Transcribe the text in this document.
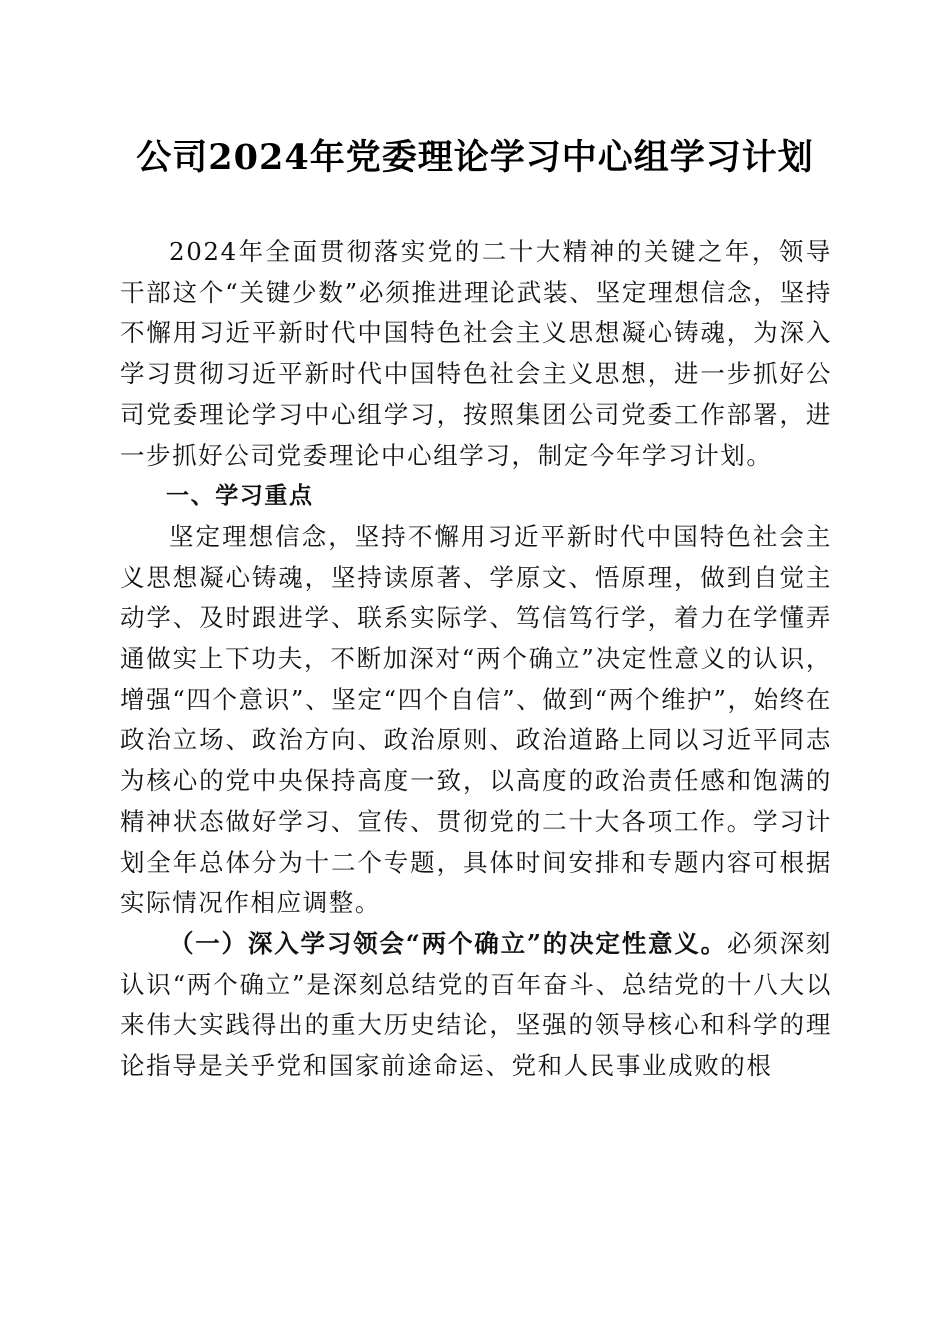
公司2024年党委理论学习中心组学习计划

2024年全面贯彻落实党的二十大精神的关键之年，领导干部这个“关键少数”必须推进理论武装、坚定理想信念，坚持不懈用习近平新时代中国特色社会主义思想凝心铸魂，为深入学习贯彻习近平新时代中国特色社会主义思想，进一步抓好公司党委理论学习中心组学习，按照集团公司党委工作部署，进一步抓好公司党委理论中心组学习，制定今年学习计划。

一、学习重点

坚定理想信念，坚持不懈用习近平新时代中国特色社会主义思想凝心铸魂，坚持读原著、学原文、悟原理，做到自觉主动学、及时跟进学、联系实际学、笃信笃行学，着力在学懂弄通做实上下功夫，不断加深对“两个确立”决定性意义的认识，增强“四个意识”、坚定“四个自信”、做到“两个维护”，始终在政治立场、政治方向、政治原则、政治道路上同以习近平同志为核心的党中央保持高度一致，以高度的政治责任感和饱满的精神状态做好学习、宣传、贯彻党的二十大各项工作。学习计划全年总体分为十二个专题，具体时间安排和专题内容可根据实际情况作相应调整。

（一）深入学习领会“两个确立”的决定性意义。必须深刻认识“两个确立”是深刻总结党的百年奋斗、总结党的十八大以来伟大实践得出的重大历史结论，坚强的领导核心和科学的理论指导是关乎党和国家前途命运、党和人民事业成败的根
